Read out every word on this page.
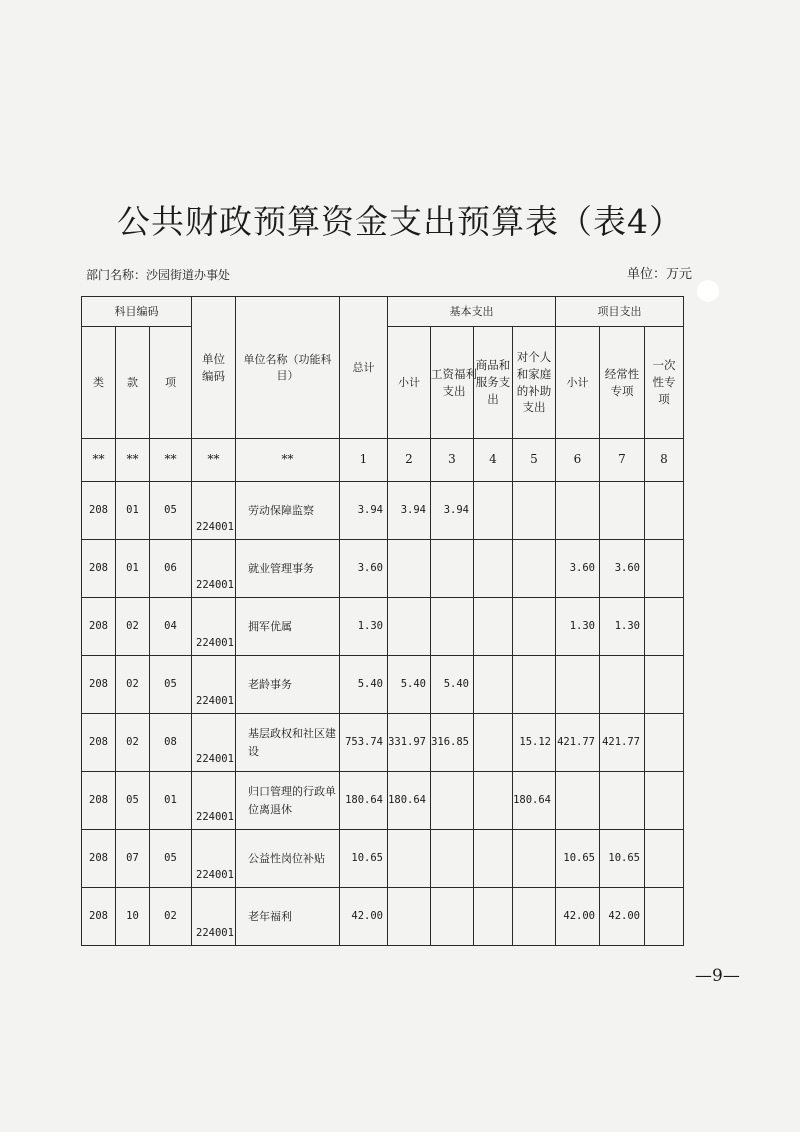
公共财政预算资金支出预算表（表4）
部门名称：沙园街道办事处	单位：万元
科目编码			单位编码	单位名称（功能科目）	总计	基本支出				项目支出		
类	款	项				小计	工资福利支出	商品和服务支出	对个人和家庭的补助支出	小计	经常性专项	一次性专项

**	**	**	**	**	1	2	3	4	5	6	7	8
208	01	05	224001	劳动保障监察	3.94	3.94	3.94					
208	01	06	224001	就业管理事务	3.60					3.60	3.60	
208	02	04	224001	拥军优属	1.30					1.30	1.30	
208	02	05	224001	老龄事务	5.40	5.40	5.40					
208	02	08	224001	基层政权和社区建设	753.74	331.97	316.85		15.12	421.77	421.77	
208	05	01	224001	归口管理的行政单位离退休	180.64	180.64			180.64			
208	07	05	224001	公益性岗位补贴	10.65					10.65	10.65	
208	10	02	224001	老年福利	42.00					42.00	42.00	
—9—
